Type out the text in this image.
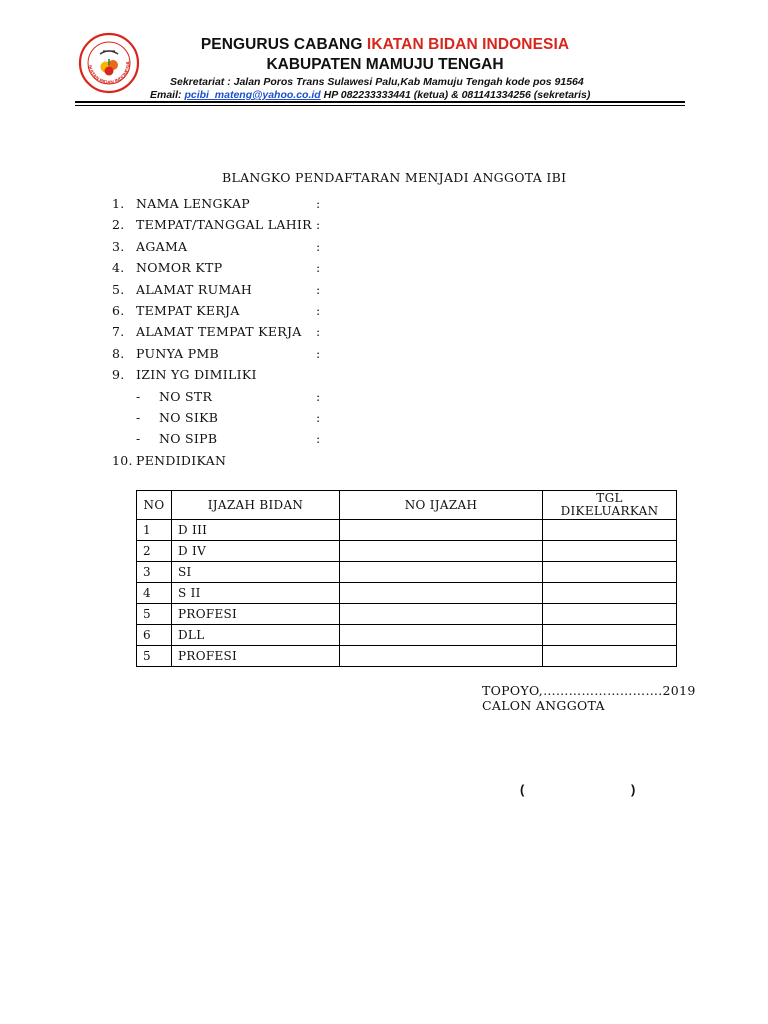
IKATAN BIDAN INDONESIA
PENGURUS CABANG IKATAN BIDAN INDONESIA
KABUPATEN MAMUJU TENGAH
Sekretariat : Jalan Poros Trans Sulawesi Palu,Kab Mamuju Tengah kode pos 91564
Email: pcibi_mateng@yahoo.co.id HP 082233333441 (ketua) & 081141334256 (sekretaris)
BLANGKO PENDAFTARAN MENJADI ANGGOTA IBI
1. NAMA LENGKAP	:
2. TEMPAT/TANGGAL LAHIR :
3. AGAMA	:
4. NOMOR KTP	:
5. ALAMAT RUMAH	:
6. TEMPAT KERJA	:
7. ALAMAT TEMPAT KERJA :
8. PUNYA PMB	:
9. IZIN YG DIMILIKI
- NO STR	:
- NO SIKB	:
- NO SIPB	:
10. PENDIDIKAN
NO	IJAZAH BIDAN	NO IJAZAH	TGL DIKELUARKAN
1	D III		
2	D IV		
3	SI		
4	S II		
5	PROFESI		
6	DLL		
5	PROFESI		
TOPOYO,……………………….2019
CALON ANGGOTA
(	)
